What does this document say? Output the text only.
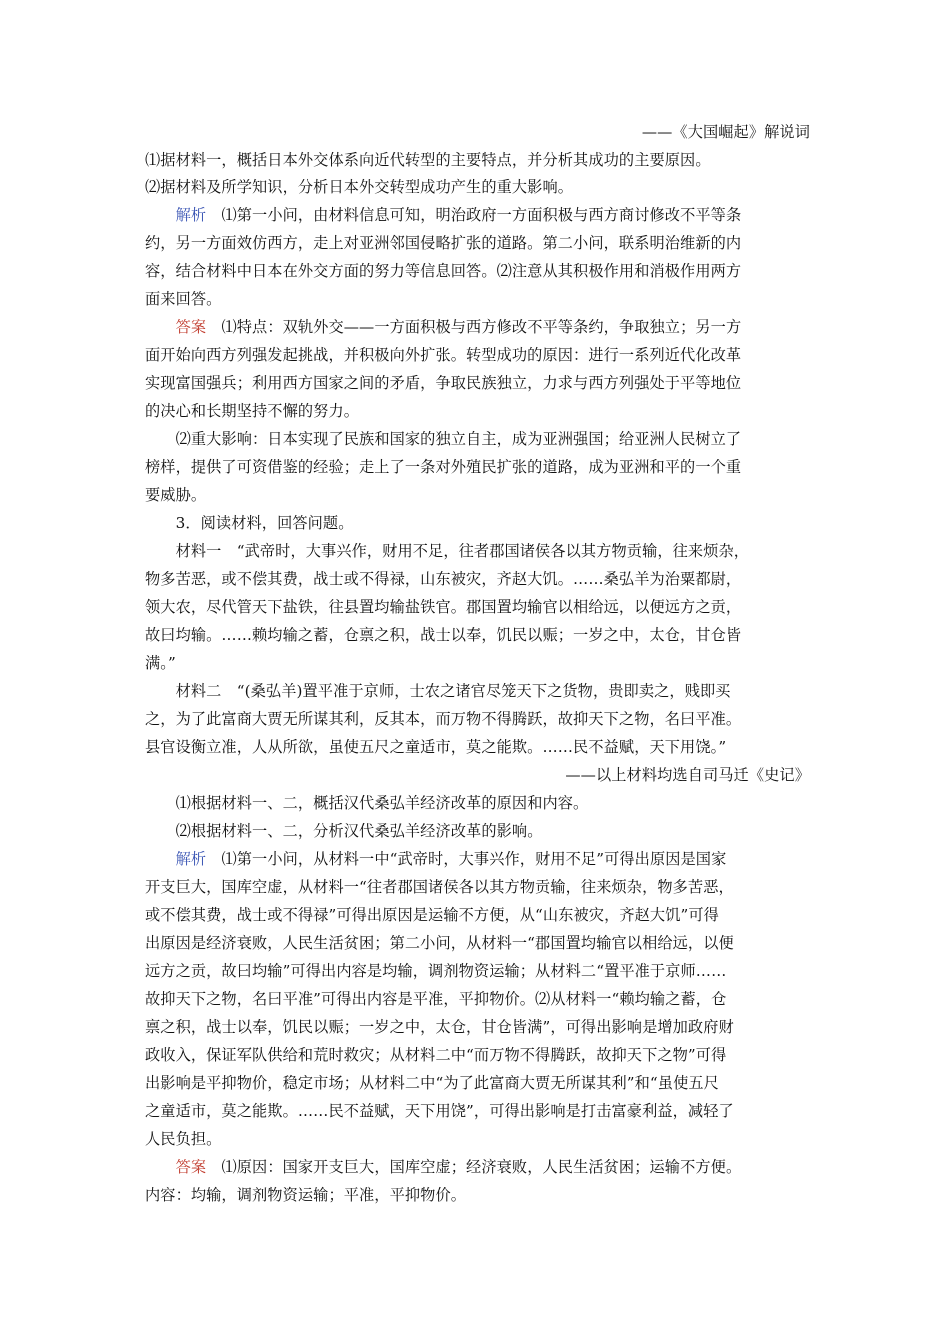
——《大国崛起》解说词
⑴据材料一，概括日本外交体系向近代转型的主要特点，并分析其成功的主要原因。
⑵据材料及所学知识，分析日本外交转型成功产生的重大影响。
　　解析　 ⑴第一小问，由材料信息可知，明治政府一方面积极与西方商讨修改不平等条
约，另一方面效仿西方，走上对亚洲邻国侵略扩张的道路。第二小问，联系明治维新的内
容，结合材料中日本在外交方面的努力等信息回答。⑵注意从其积极作用和消极作用两方
面来回答。
　　答案　 ⑴特点：双轨外交——一方面积极与西方修改不平等条约，争取独立；另一方
面开始向西方列强发起挑战，并积极向外扩张。转型成功的原因：进行一系列近代化改革
实现富国强兵；利用西方国家之间的矛盾，争取民族独立，力求与西方列强处于平等地位
的决心和长期坚持不懈的努力。
　　⑵重大影响：日本实现了民族和国家的独立自主，成为亚洲强国；给亚洲人民树立了
榜样，提供了可资借鉴的经验；走上了一条对外殖民扩张的道路，成为亚洲和平的一个重
要威胁。
　　3．阅读材料，回答问题。
　　材料一　“武帝时，大事兴作，财用不足，往者郡国诸侯各以其方物贡输，往来烦杂，
物多苦恶，或不偿其费，战士或不得禄，山东被灾，齐赵大饥。……桑弘羊为治粟都尉，
领大农，尽代管天下盐铁，往县置均输盐铁官。郡国置均输官以相给远，以便远方之贡，
故曰均输。……赖均输之蓄，仓禀之积，战士以奉，饥民以赈；一岁之中，太仓，甘仓皆
满。”
　　材料二　“(桑弘羊)置平准于京师，士农之诸官尽笼天下之货物，贵即卖之，贱即买
之，为了此富商大贾无所谋其利，反其本，而万物不得腾跃，故抑天下之物，名曰平准。
县官设衡立准，人从所欲，虽使五尺之童适市，莫之能欺。……民不益赋，天下用饶。”
——以上材料均选自司马迁《史记》
　　⑴根据材料一、二，概括汉代桑弘羊经济改革的原因和内容。
　　⑵根据材料一、二，分析汉代桑弘羊经济改革的影响。
　　解析　 ⑴第一小问，从材料一中“武帝时，大事兴作，财用不足”可得出原因是国家
开支巨大，国库空虚，从材料一“往者郡国诸侯各以其方物贡输，往来烦杂，物多苦恶，
或不偿其费，战士或不得禄”可得出原因是运输不方便，从“山东被灾，齐赵大饥”可得
出原因是经济衰败，人民生活贫困；第二小问，从材料一“郡国置均输官以相给远，以便
远方之贡，故曰均输”可得出内容是均输，调剂物资运输；从材料二“置平准于京师……
故抑天下之物，名曰平准”可得出内容是平准，平抑物价。⑵从材料一“赖均输之蓄，仓
禀之积，战士以奉，饥民以赈；一岁之中，太仓，甘仓皆满”，可得出影响是增加政府财
政收入，保证军队供给和荒时救灾；从材料二中“而万物不得腾跃，故抑天下之物”可得
出影响是平抑物价，稳定市场；从材料二中“为了此富商大贾无所谋其利”和“虽使五尺
之童适市，莫之能欺。……民不益赋，天下用饶”，可得出影响是打击富豪利益，减轻了
人民负担。
　　答案　 ⑴原因：国家开支巨大，国库空虚；经济衰败，人民生活贫困；运输不方便。
内容：均输，调剂物资运输；平准，平抑物价。
